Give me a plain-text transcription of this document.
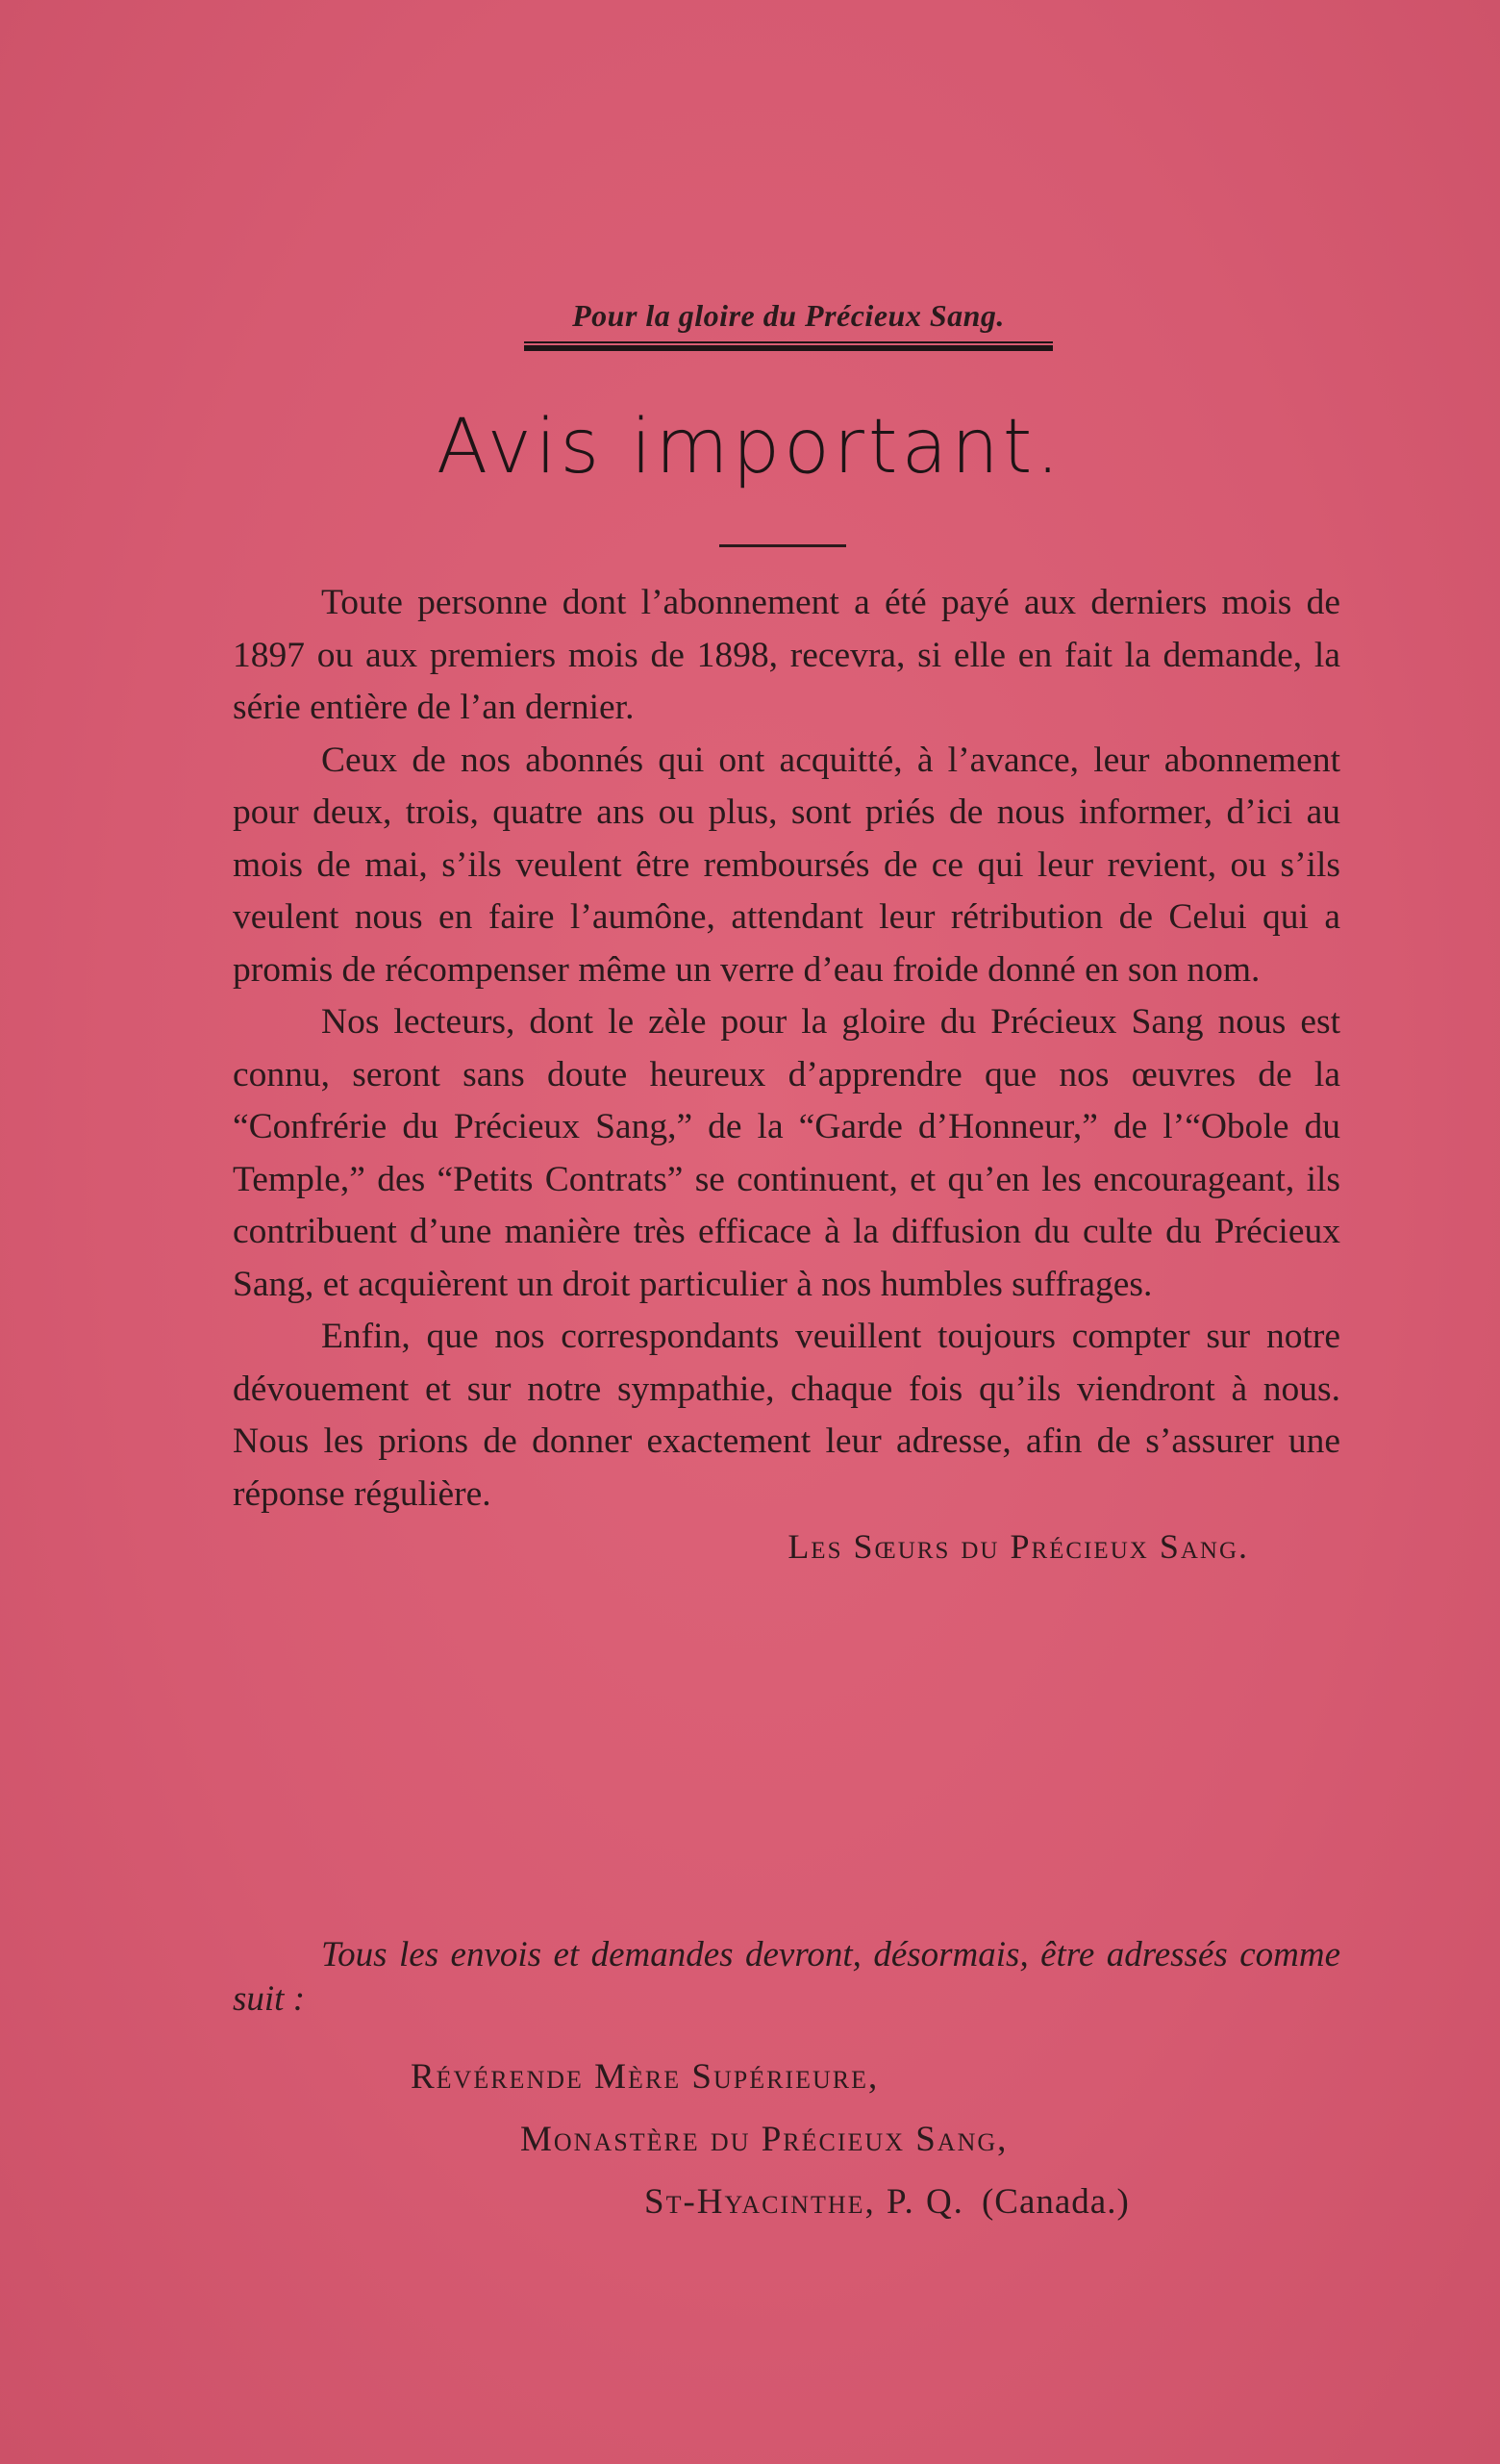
Pour la gloire du Précieux Sang.
Avis important.

Toute personne dont l’abonnement a été payé aux derniers mois de 1897 ou aux premiers mois de 1898, recevra, si elle en fait la demande, la série entière de l’an dernier.

Ceux de nos abonnés qui ont acquitté, à l’avance, leur abonnement pour deux, trois, quatre ans ou plus, sont priés de nous informer, d’ici au mois de mai, s’ils veulent être remboursés de ce qui leur revient, ou s’ils veulent nous en faire l’aumône, attendant leur rétribution de Celui qui a promis de récompenser même un verre d’eau froide donné en son nom.

Nos lecteurs, dont le zèle pour la gloire du Précieux Sang nous est connu, seront sans doute heureux d’apprendre que nos œuvres de la “Confrérie du Précieux Sang,” de la “Garde d’Honneur,” de l’“Obole du Temple,” des “Petits Contrats” se continuent, et qu’en les encourageant, ils contribuent d’une manière très efficace à la diffusion du culte du Précieux Sang, et acquièrent un droit particulier à nos humbles suffrages.

Enfin, que nos correspondants veuillent toujours compter sur notre dévouement et sur notre sympathie, chaque fois qu’ils viendront à nous. Nous les prions de donner exactement leur adresse, afin de s’assurer une réponse régulière.

Les Sœurs du Précieux Sang.
Tous les envois et demandes devront, désormais, être adressés comme suit :
Révérende Mère Supérieure,
Monastère du Précieux Sang,
St-Hyacinthe, P. Q. (Canada.)
